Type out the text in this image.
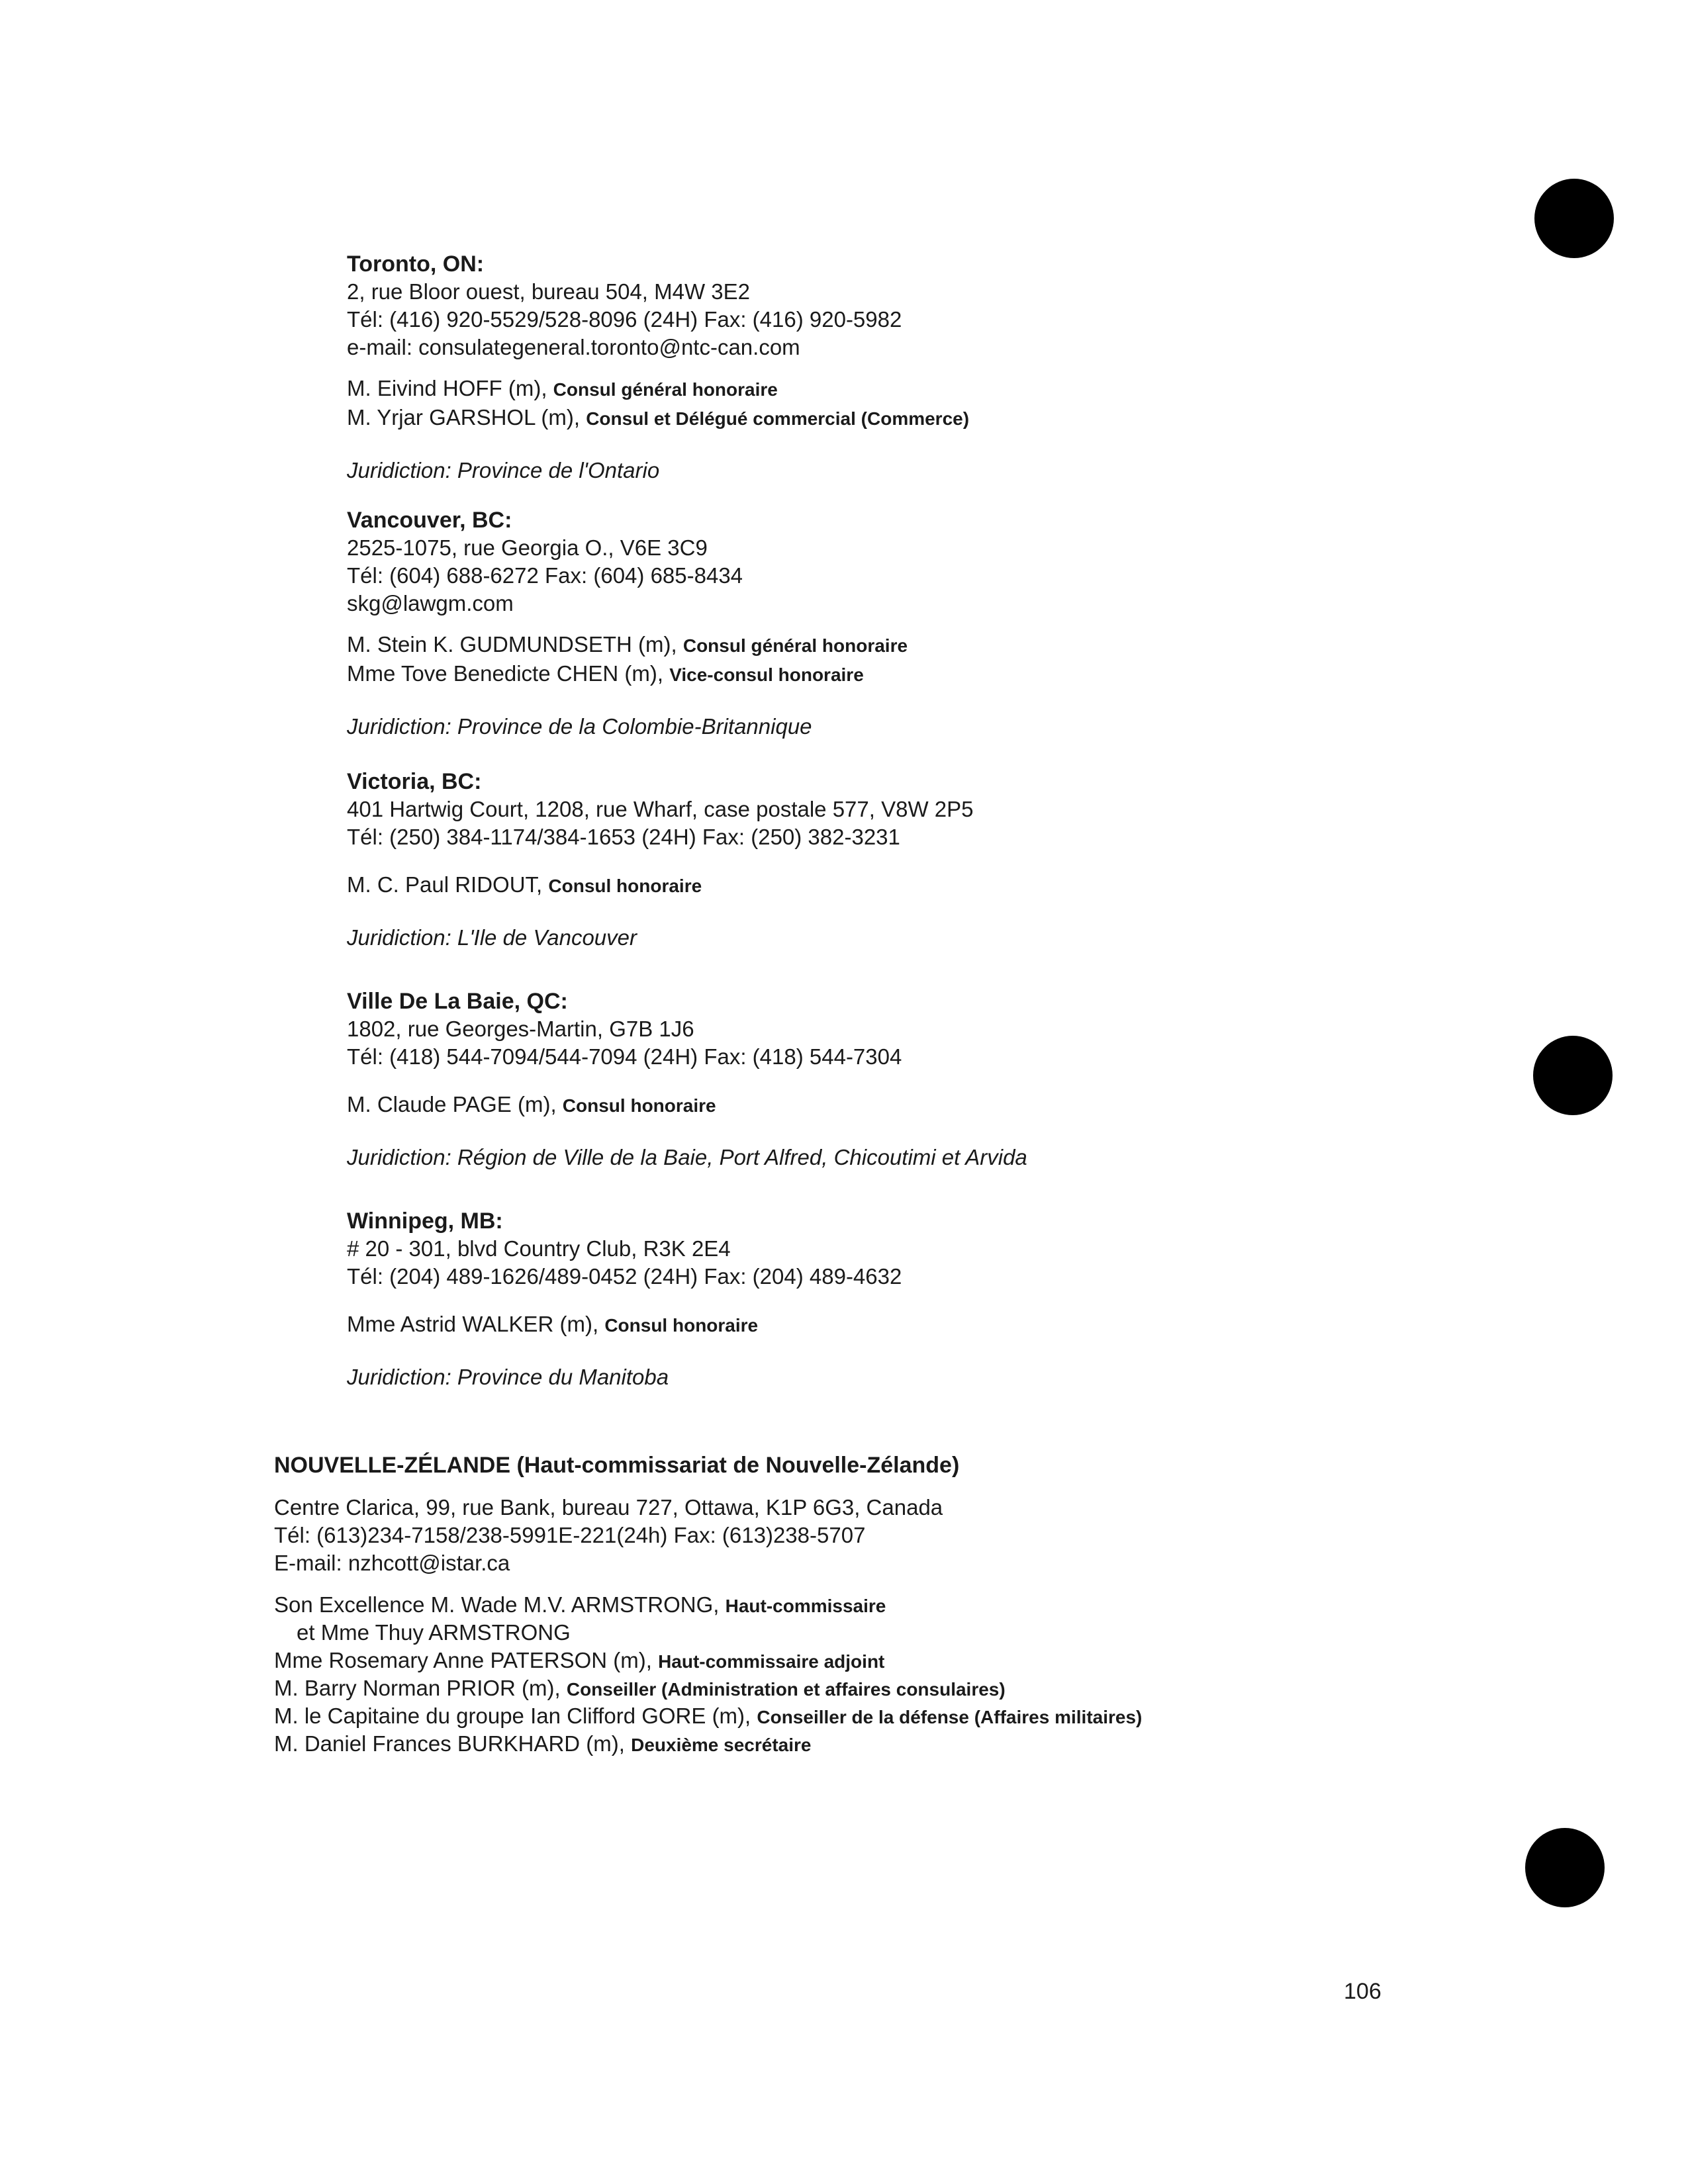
Toronto, ON:

2, rue Bloor ouest, bureau 504, M4W 3E2

Tél: (416) 920-5529/528-8096 (24H) Fax: (416) 920-5982

e-mail: consulategeneral.toronto@ntc-can.com

M. Eivind HOFF (m), Consul général honoraire

M. Yrjar GARSHOL (m), Consul et Délégué commercial (Commerce)

Juridiction: Province de l'Ontario

Vancouver, BC:

2525-1075, rue Georgia O., V6E 3C9

Tél: (604) 688-6272 Fax: (604) 685-8434

skg@lawgm.com

M. Stein K. GUDMUNDSETH (m), Consul général honoraire

Mme Tove Benedicte CHEN (m), Vice-consul honoraire

Juridiction: Province de la Colombie-Britannique

Victoria, BC:

401 Hartwig Court, 1208, rue Wharf, case postale 577, V8W 2P5

Tél: (250) 384-1174/384-1653 (24H) Fax: (250) 382-3231

M. C. Paul RIDOUT, Consul honoraire

Juridiction: L'Ile de Vancouver

Ville De La Baie, QC:

1802, rue Georges-Martin, G7B 1J6

Tél: (418) 544-7094/544-7094 (24H) Fax: (418) 544-7304

M. Claude PAGE (m), Consul honoraire

Juridiction: Région de Ville de la Baie, Port Alfred, Chicoutimi et Arvida

Winnipeg, MB:

# 20 - 301, blvd Country Club, R3K 2E4

Tél: (204) 489-1626/489-0452 (24H) Fax: (204) 489-4632

Mme Astrid WALKER (m), Consul honoraire

Juridiction: Province du Manitoba

NOUVELLE-ZÉLANDE (Haut-commissariat de Nouvelle-Zélande)

Centre Clarica, 99, rue Bank, bureau 727, Ottawa, K1P 6G3, Canada

Tél: (613)234-7158/238-5991E-221(24h) Fax: (613)238-5707

E-mail: nzhcott@istar.ca

Son Excellence M. Wade M.V. ARMSTRONG, Haut-commissaire

et Mme Thuy ARMSTRONG

Mme Rosemary Anne PATERSON (m), Haut-commissaire adjoint

M. Barry Norman PRIOR (m), Conseiller (Administration et affaires consulaires)

M. le Capitaine du groupe Ian Clifford GORE (m), Conseiller de la défense (Affaires militaires)

M. Daniel Frances BURKHARD (m), Deuxième secrétaire

106
